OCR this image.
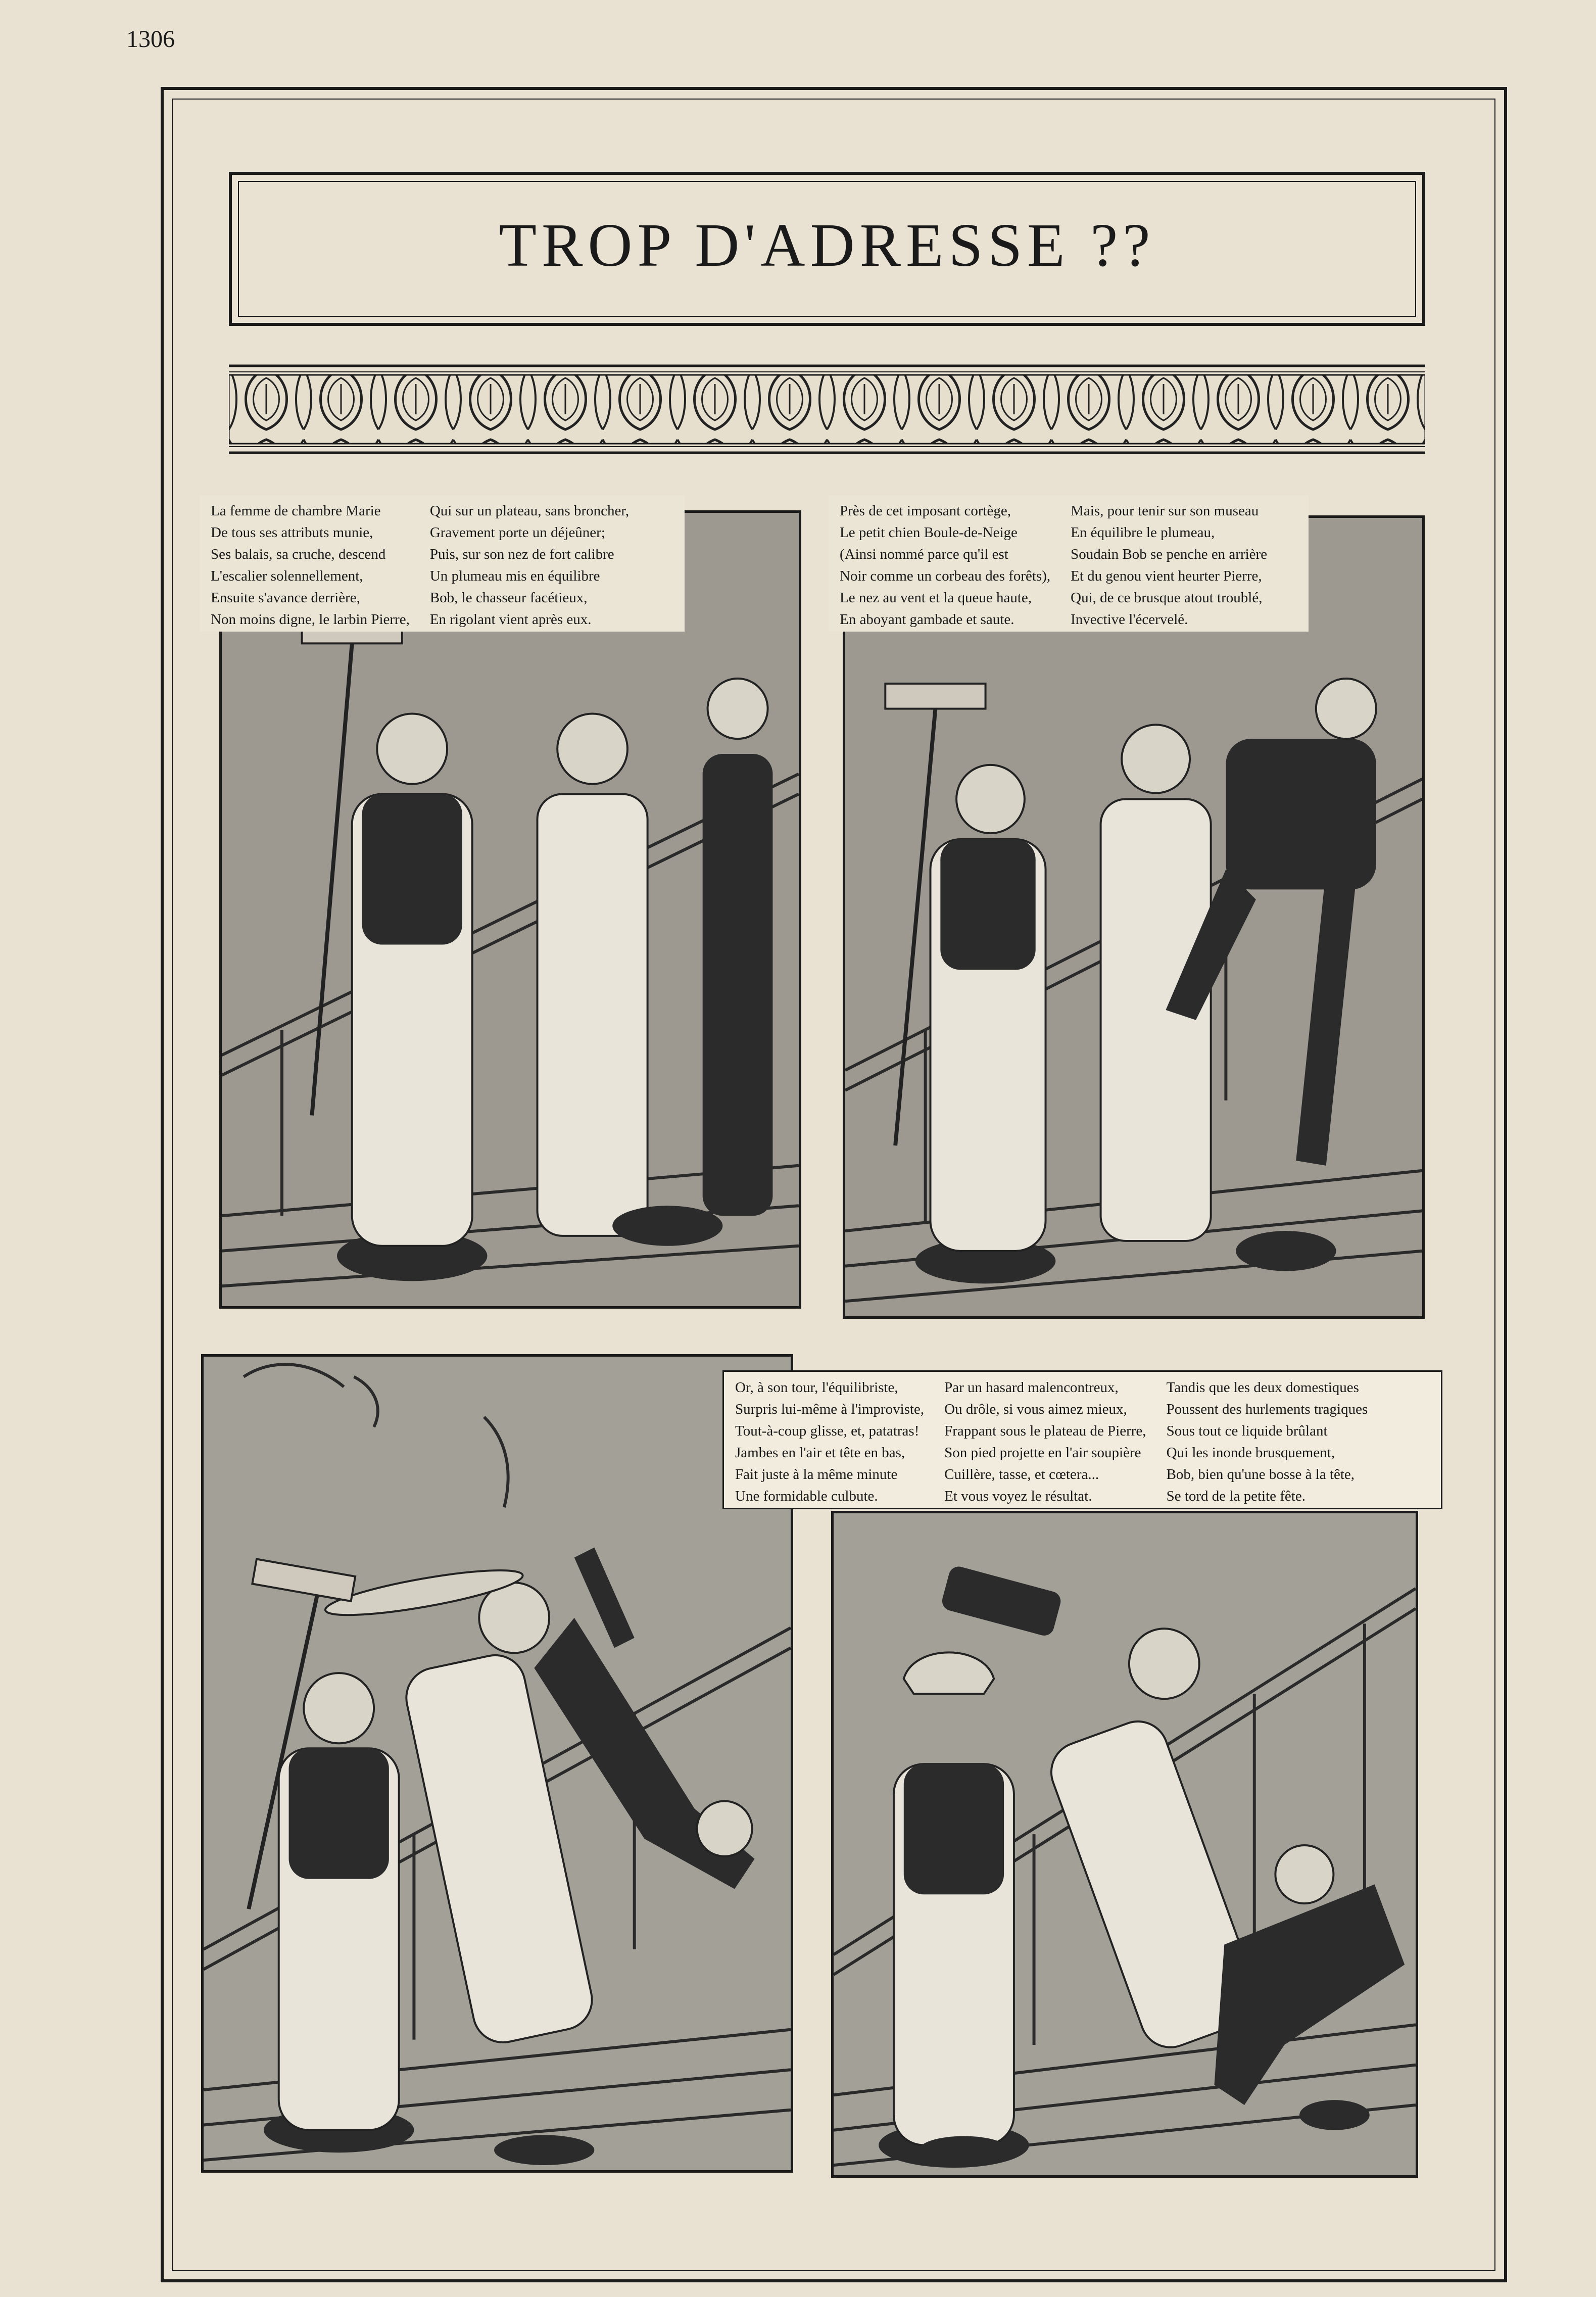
1306
TROP D'ADRESSE ??
La femme de chambre Marie
De tous ses attributs munie,
Ses balais, sa cruche, descend
L'escalier solennellement,
Ensuite s'avance derrière,
Non moins digne, le larbin Pierre,
Qui sur un plateau, sans broncher,
Gravement porte un déjeûner;
Puis, sur son nez de fort calibre
Un plumeau mis en équilibre
Bob, le chasseur facétieux,
En rigolant vient après eux.
Près de cet imposant cortège,
Le petit chien Boule-de-Neige
(Ainsi nommé parce qu'il est
Noir comme un corbeau des forêts),
Le nez au vent et la queue haute,
En aboyant gambade et saute.
Mais, pour tenir sur son museau
En équilibre le plumeau,
Soudain Bob se penche en arrière
Et du genou vient heurter Pierre,
Qui, de ce brusque atout troublé,
Invective l'écervelé.
Or, à son tour, l'équilibriste,
Surpris lui-même à l'improviste,
Tout-à-coup glisse, et, patatras!
Jambes en l'air et tête en bas,
Fait juste à la même minute
Une formidable culbute.
Par un hasard malencontreux,
Ou drôle, si vous aimez mieux,
Frappant sous le plateau de Pierre,
Son pied projette en l'air soupière
Cuillère, tasse, et cœtera...
Et vous voyez le résultat.
Tandis que les deux domestiques
Poussent des hurlements tragiques
Sous tout ce liquide brûlant
Qui les inonde brusquement,
Bob, bien qu'une bosse à la tête,
Se tord de la petite fête.
